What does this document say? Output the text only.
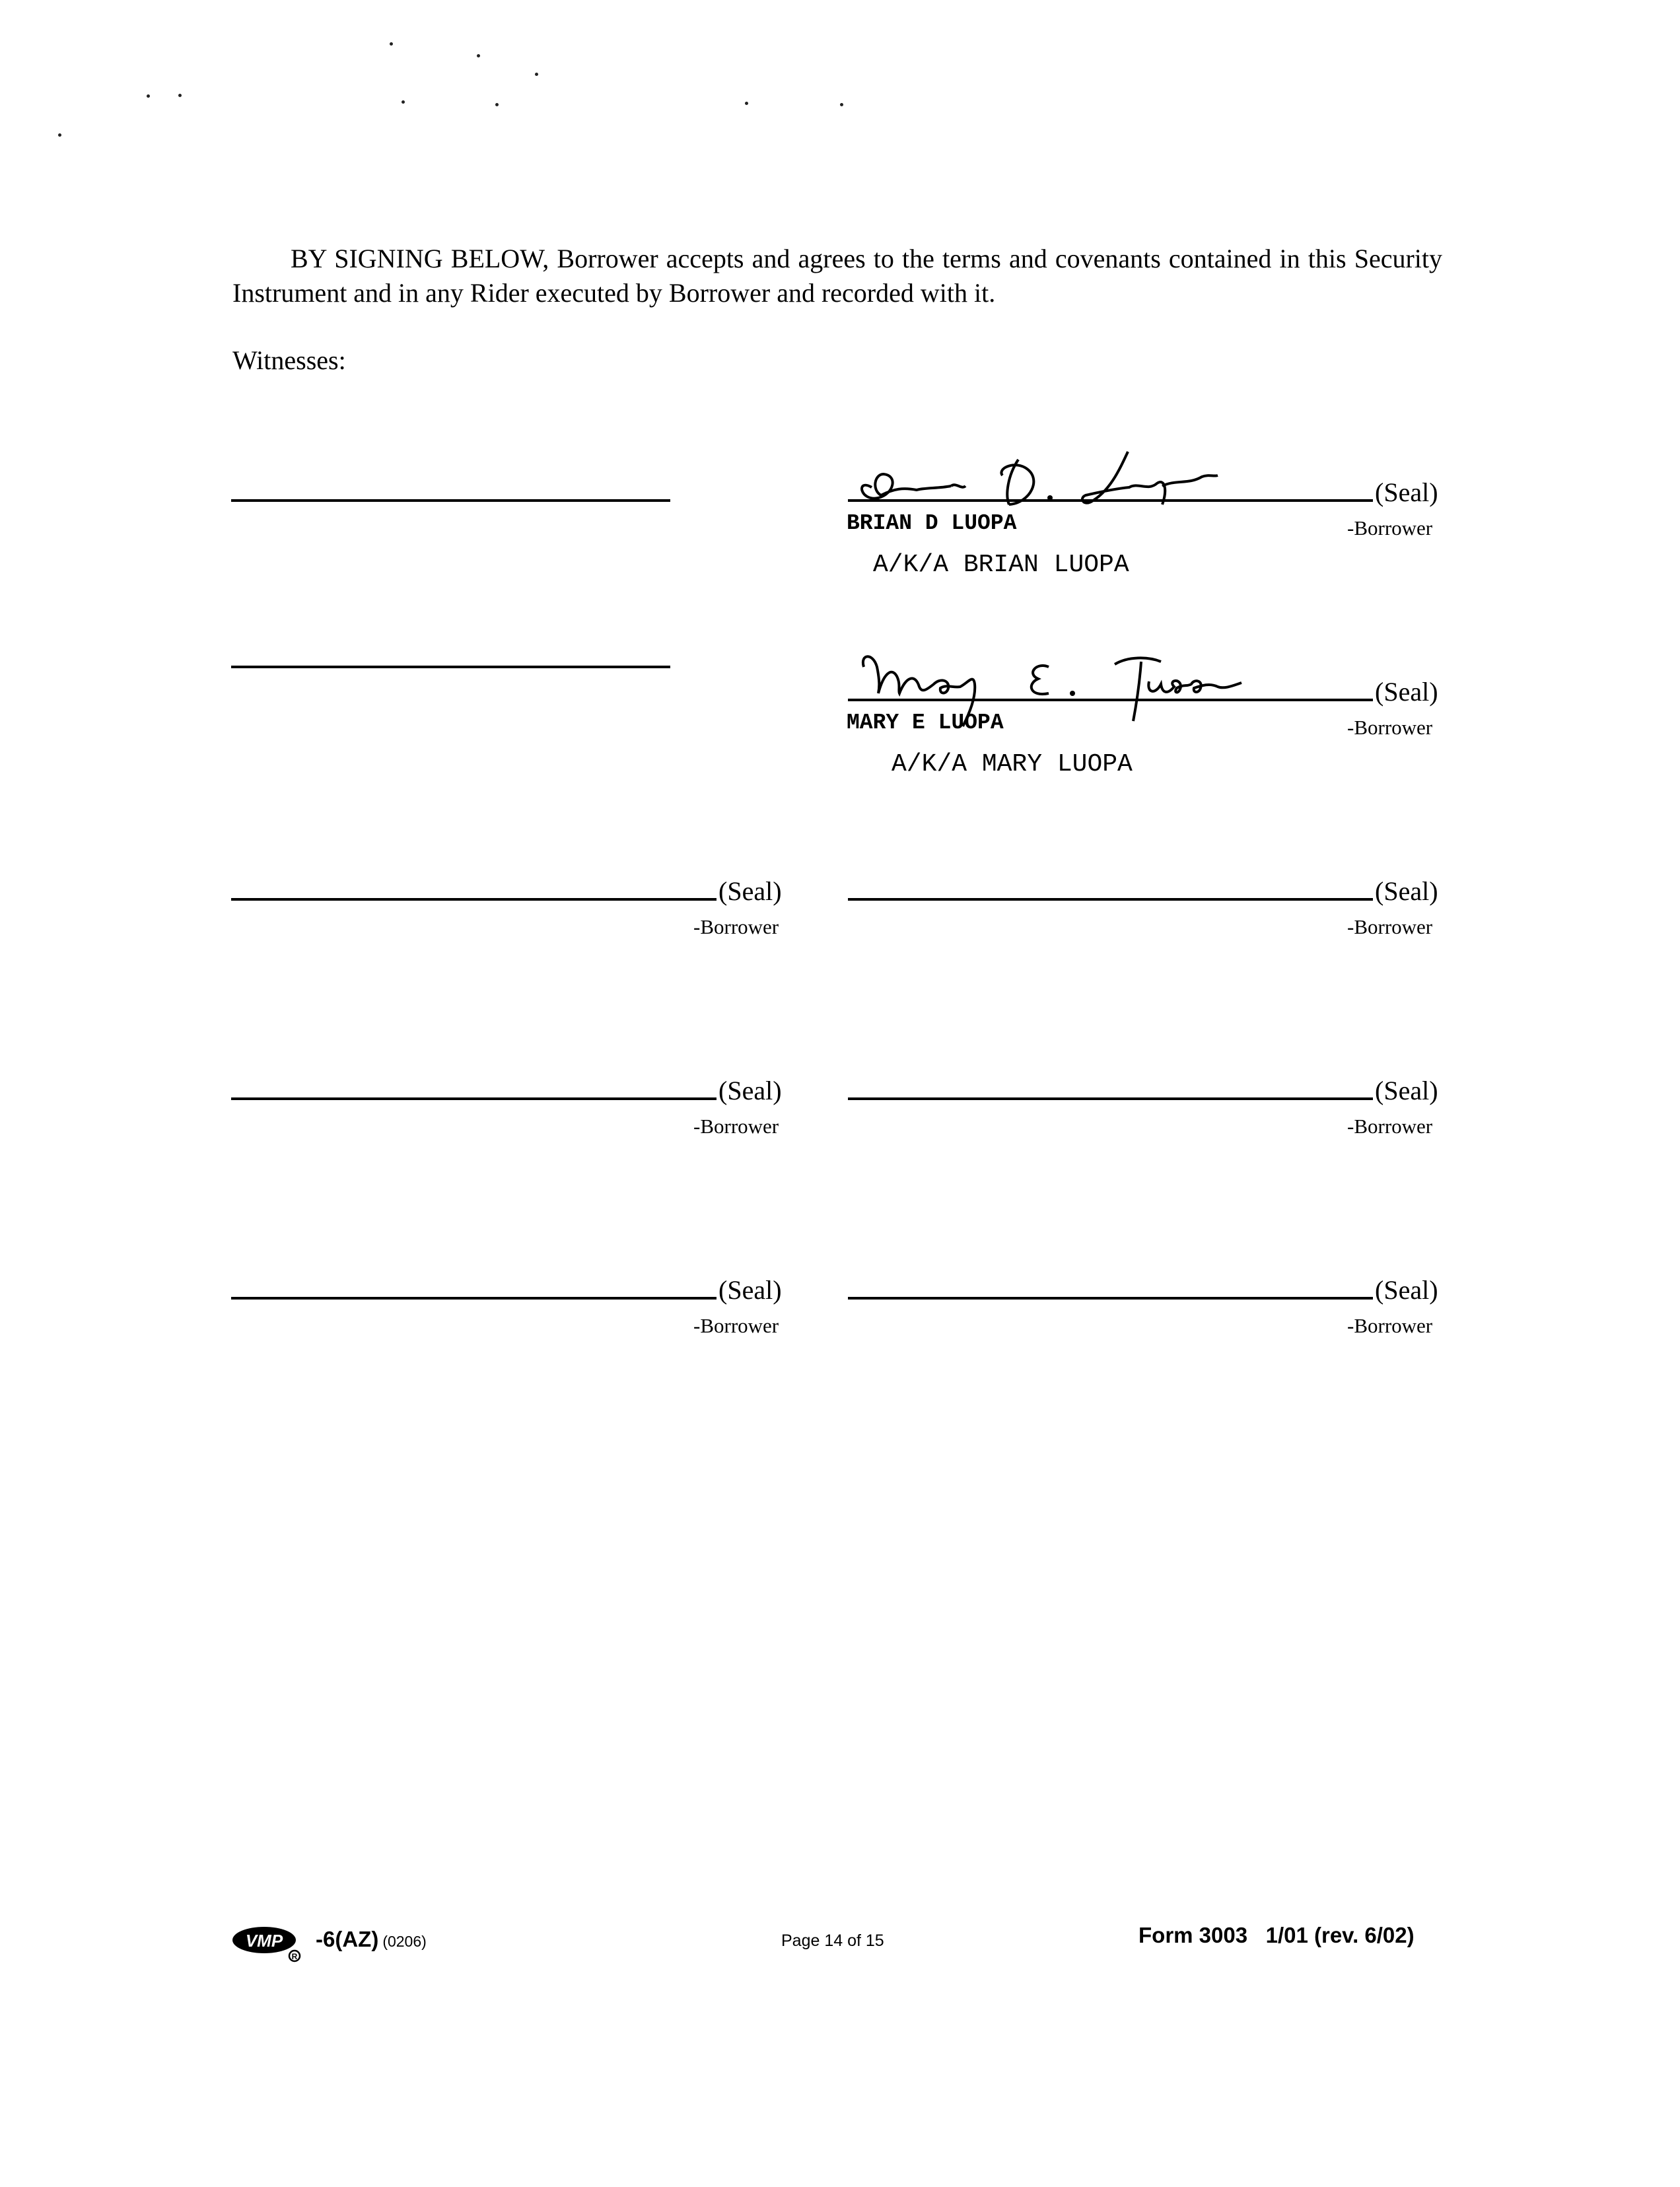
BY SIGNING BELOW, Borrower accepts and agrees to the terms and covenants contained in this Security Instrument and in any Rider executed by Borrower and recorded with it.
Witnesses:
(Seal)
BRIAN D LUOPA	-Borrower
A/K/A BRIAN LUOPA
(Seal)
MARY E LUOPA	-Borrower
A/K/A MARY LUOPA
(Seal)
-Borrower
(Seal)
-Borrower
(Seal)
-Borrower
(Seal)
-Borrower
(Seal)
-Borrower
(Seal)
-Borrower
VMP
R
-6(AZ) (0206)	Page 14 of 15	Form 3003   1/01 (rev. 6/02)
